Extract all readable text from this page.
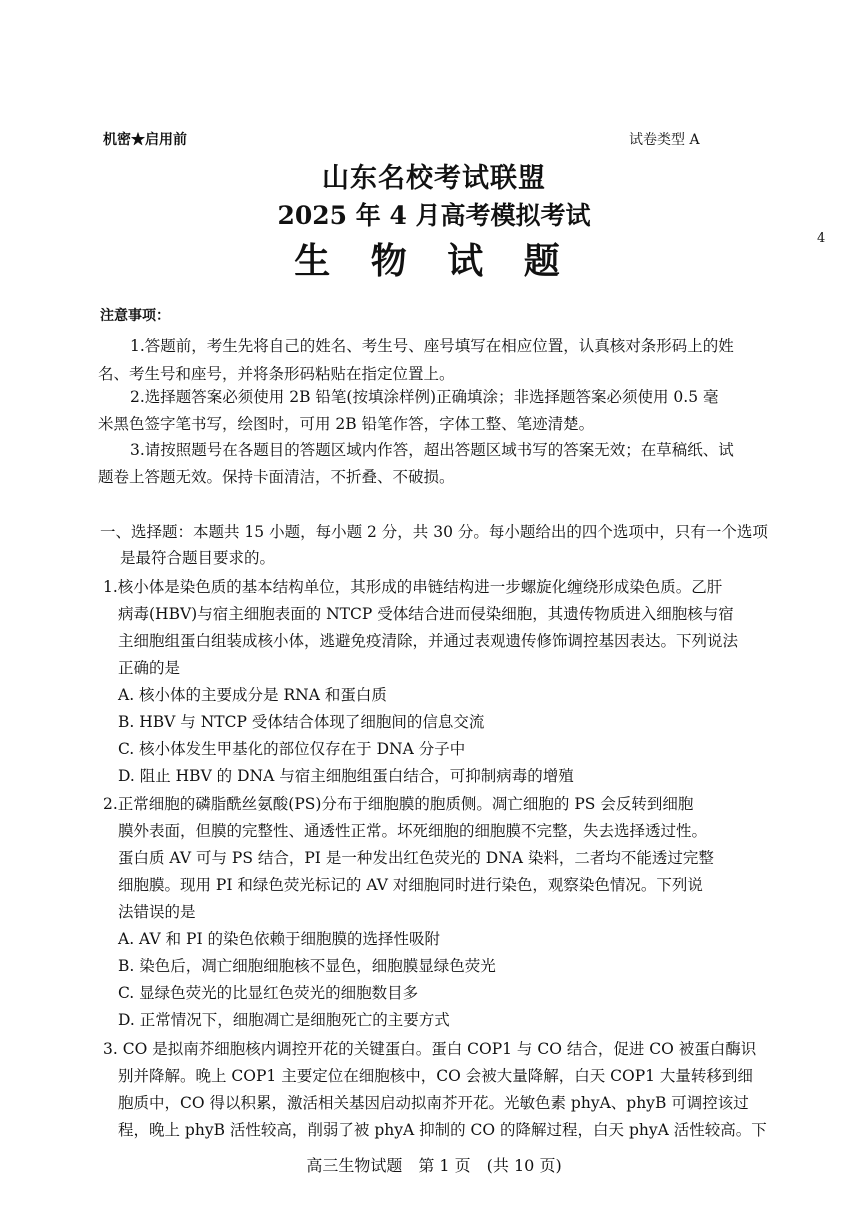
机密★启用前	试卷类型 A
山东名校考试联盟
2025 年 4 月高考模拟考试
生 物 试 题
4
注意事项：
1.答题前，考生先将自己的姓名、考生号、座号填写在相应位置，认真核对条形码上的姓
名、考生号和座号，并将条形码粘贴在指定位置上。
2.选择题答案必须使用 2B 铅笔(按填涂样例)正确填涂；非选择题答案必须使用 0.5 毫
米黑色签字笔书写，绘图时，可用 2B 铅笔作答，字体工整、笔迹清楚。
3.请按照题号在各题目的答题区域内作答，超出答题区域书写的答案无效；在草稿纸、试
题卷上答题无效。保持卡面清洁，不折叠、不破损。
一、选择题：本题共 15 小题，每小题 2 分，共 30 分。每小题给出的四个选项中，只有一个选项
是最符合题目要求的。
1.核小体是染色质的基本结构单位，其形成的串链结构进一步螺旋化缠绕形成染色质。乙肝
病毒(HBV)与宿主细胞表面的 NTCP 受体结合进而侵染细胞，其遗传物质进入细胞核与宿
主细胞组蛋白组装成核小体，逃避免疫清除，并通过表观遗传修饰调控基因表达。下列说法
正确的是
A. 核小体的主要成分是 RNA 和蛋白质
B. HBV 与 NTCP 受体结合体现了细胞间的信息交流
C. 核小体发生甲基化的部位仅存在于 DNA 分子中
D. 阻止 HBV 的 DNA 与宿主细胞组蛋白结合，可抑制病毒的增殖
2.正常细胞的磷脂酰丝氨酸(PS)分布于细胞膜的胞质侧。凋亡细胞的 PS 会反转到细胞
膜外表面，但膜的完整性、通透性正常。坏死细胞的细胞膜不完整，失去选择透过性。
蛋白质 AV 可与 PS 结合，PI 是一种发出红色荧光的 DNA 染料，二者均不能透过完整
细胞膜。现用 PI 和绿色荧光标记的 AV 对细胞同时进行染色，观察染色情况。下列说
法错误的是
A. AV 和 PI 的染色依赖于细胞膜的选择性吸附
B. 染色后，凋亡细胞细胞核不显色，细胞膜显绿色荧光
C. 显绿色荧光的比显红色荧光的细胞数目多
D. 正常情况下，细胞凋亡是细胞死亡的主要方式
3. CO 是拟南芥细胞核内调控开花的关键蛋白。蛋白 COP1 与 CO 结合，促进 CO 被蛋白酶识
别并降解。晚上 COP1 主要定位在细胞核中，CO 会被大量降解，白天 COP1 大量转移到细
胞质中，CO 得以积累，激活相关基因启动拟南芥开花。光敏色素 phyA、phyB 可调控该过
程，晚上 phyB 活性较高，削弱了被 phyA 抑制的 CO 的降解过程，白天 phyA 活性较高。下
高三生物试题　第 1 页　(共 10 页)
